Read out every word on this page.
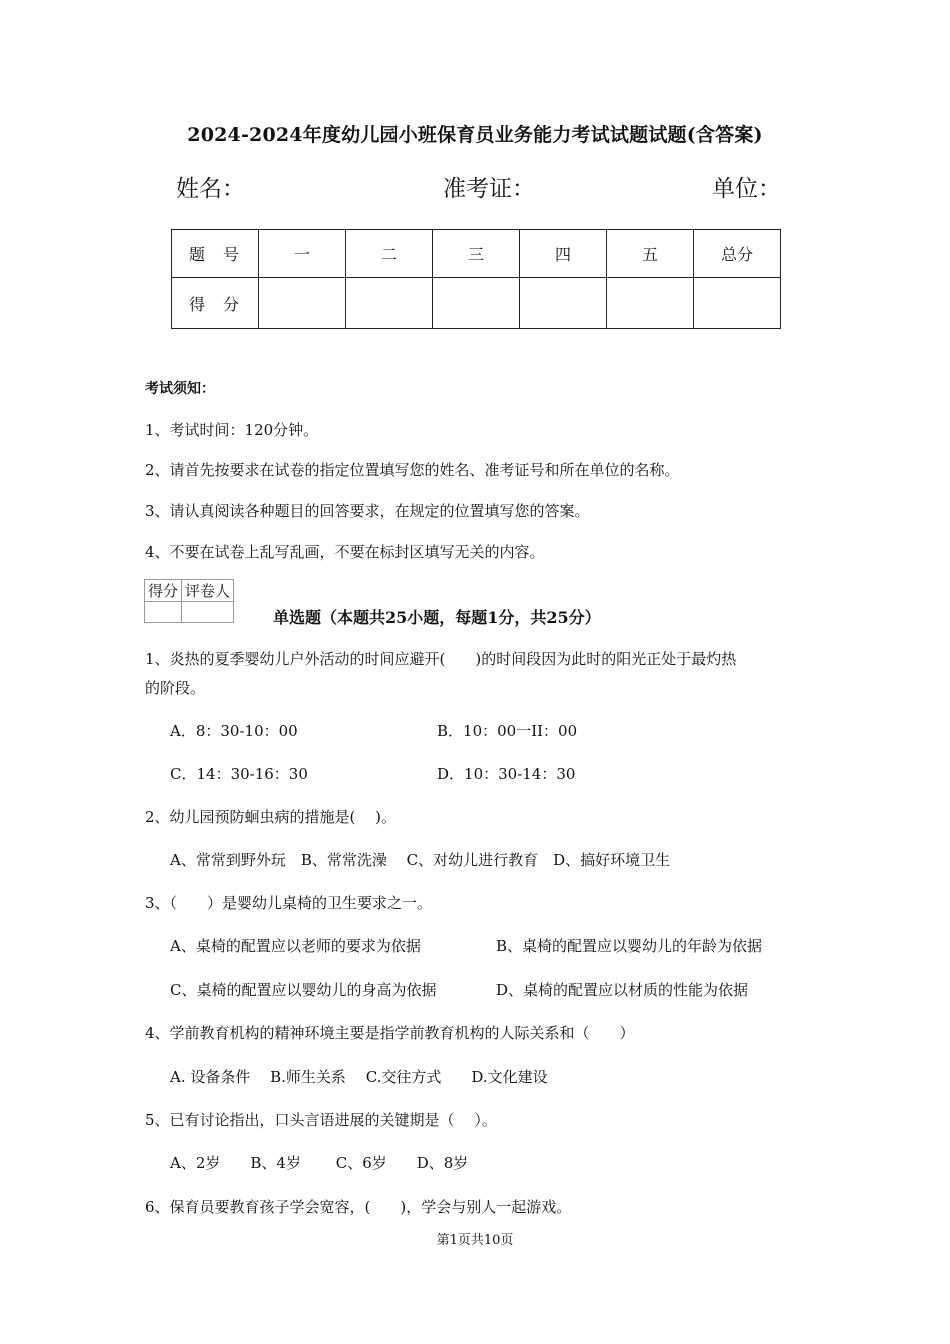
2024-2024年度幼儿园小班保育员业务能力考试试题试题(含答案)
姓名：	准考证：	单位：
题号	一	二	三	四	五	总分
得分						
考试须知：
1、考试时间：120分钟。
2、请首先按要求在试卷的指定位置填写您的姓名、准考证号和所在单位的名称。
3、请认真阅读各种题目的回答要求，在规定的位置填写您的答案。
4、不要在试卷上乱写乱画，不要在标封区填写无关的内容。
得分	评卷人

单选题（本题共25小题，每题1分，共25分）
1、炎热的夏季婴幼儿户外活动的时间应避开(　　)的时间段因为此时的阳光正处于最灼热
的阶段。
A．8：30-10：00	B．10：00一II：00
C．14：30-16：30	D．10：30-14：30
2、幼儿园预防蛔虫病的措施是(　 )。
A、常常到野外玩　B、常常洗澡　 C、对幼儿进行教育　D、搞好环境卫生
3、（　　）是婴幼儿桌椅的卫生要求之一。
A、桌椅的配置应以老师的要求为依据	B、桌椅的配置应以婴幼儿的年龄为依据
C、桌椅的配置应以婴幼儿的身高为依据	D、桌椅的配置应以材质的性能为依据
4、学前教育机构的精神环境主要是指学前教育机构的人际关系和（　　）
A. 设备条件　 B.师生关系　 C.交往方式　　D.文化建设
5、已有讨论指出，口头言语进展的关键期是（　 ）。
A、2岁　　B、4岁　　 C、6岁　　D、8岁
6、保育员要教育孩子学会宽容，(　　)，学会与别人一起游戏。
第1页共10页
